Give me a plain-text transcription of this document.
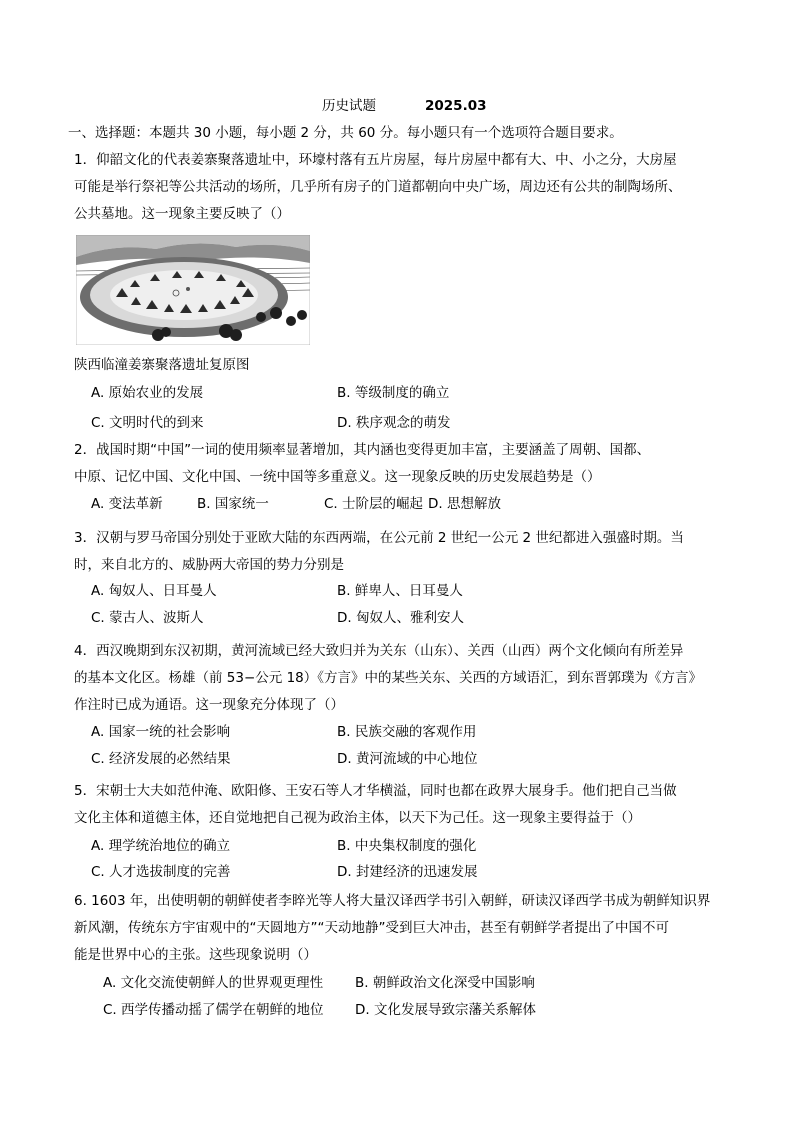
历史试题	2025.03
一、选择题：本题共 30 小题，每小题 2 分，共 60 分。每小题只有一个选项符合题目要求。
1．仰韶文化的代表姜寨聚落遗址中，环壕村落有五片房屋，每片房屋中都有大、中、小之分，大房屋
可能是举行祭祀等公共活动的场所，几乎所有房子的门道都朝向中央广场，周边还有公共的制陶场所、
公共墓地。这一现象主要反映了（）
陕西临潼姜寨聚落遗址复原图
A. 原始农业的发展	B. 等级制度的确立
C. 文明时代的到来	D. 秩序观念的萌发
2．战国时期“中国”一词的使用频率显著增加，其内涵也变得更加丰富，主要涵盖了周朝、国都、
中原、记忆中国、文化中国、一统中国等多重意义。这一现象反映的历史发展趋势是（）
A. 变法革新	B. 国家统一	C. 士阶层的崛起 D. 思想解放
3．汉朝与罗马帝国分别处于亚欧大陆的东西两端，在公元前 2 世纪一公元 2 世纪都进入强盛时期。当
时，来自北方的、威胁两大帝国的势力分别是
A. 匈奴人、日耳曼人	B. 鲜卑人、日耳曼人
C. 蒙古人、波斯人	D. 匈奴人、雅利安人
4．西汉晚期到东汉初期，黄河流域已经大致归并为关东（山东）、关西（山西）两个文化倾向有所差异
的基本文化区。杨雄（前 53−公元 18）《方言》中的某些关东、关西的方域语汇，到东晋郭璞为《方言》
作注时已成为通语。这一现象充分体现了（）
A. 国家一统的社会影响	B. 民族交融的客观作用
C. 经济发展的必然结果	D. 黄河流域的中心地位
5．宋朝士大夫如范仲淹、欧阳修、王安石等人才华横溢，同时也都在政界大展身手。他们把自己当做
文化主体和道德主体，还自觉地把自己视为政治主体，以天下为己任。这一现象主要得益于（）
A. 理学统治地位的确立	B. 中央集权制度的强化
C. 人才选拔制度的完善	D. 封建经济的迅速发展
6. 1603 年，出使明朝的朝鲜使者李睟光等人将大量汉译西学书引入朝鲜，研读汉译西学书成为朝鲜知识界
新风潮，传统东方宇宙观中的“天圆地方”“天动地静”受到巨大冲击，甚至有朝鲜学者提出了中国不可
能是世界中心的主张。这些现象说明（）
A. 文化交流使朝鲜人的世界观更理性 B. 朝鲜政治文化深受中国影响
C. 西学传播动摇了儒学在朝鲜的地位 D. 文化发展导致宗藩关系解体
